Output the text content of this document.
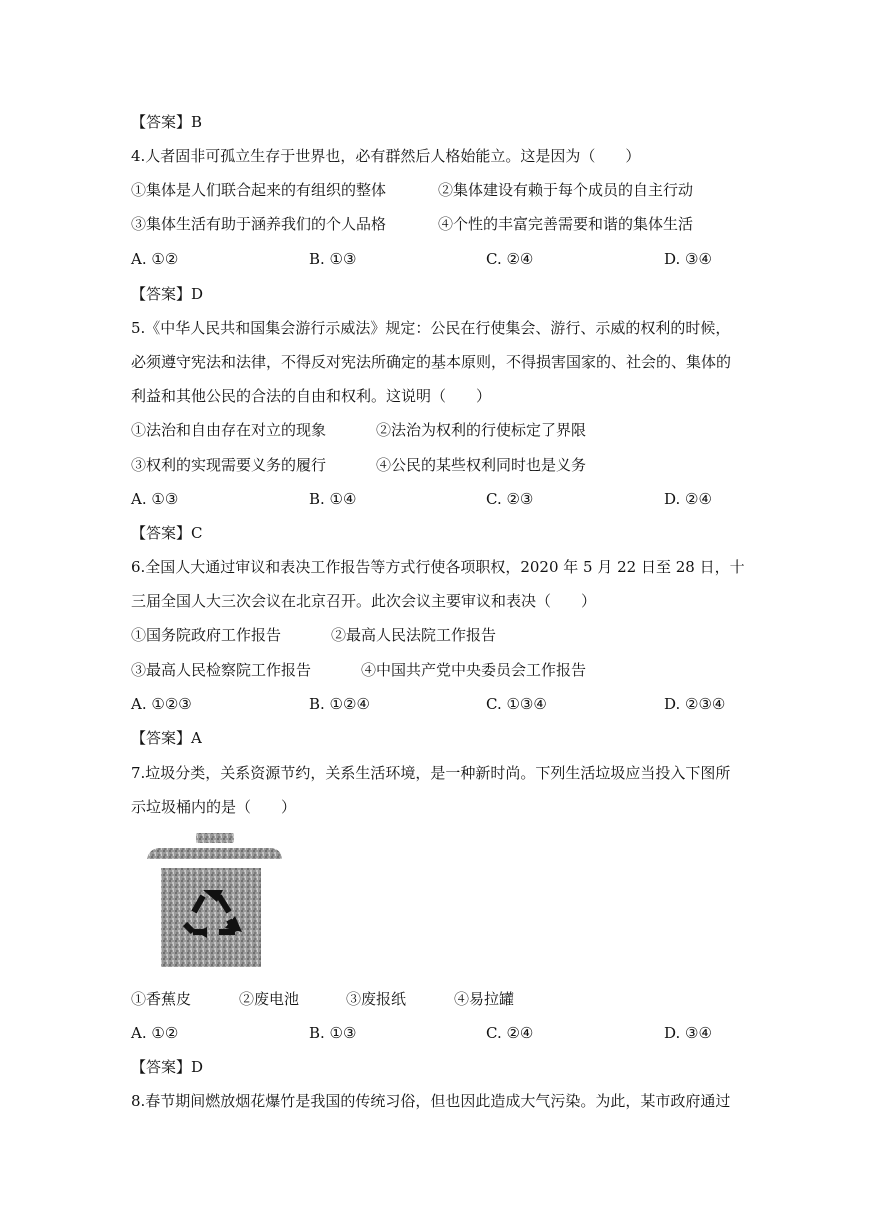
【答案】B
4.人者固非可孤立生存于世界也，必有群然后人格始能立。这是因为（　　）
①集体是人们联合起来的有组织的整体	②集体建设有赖于每个成员的自主行动
③集体生活有助于涵养我们的个人品格	④个性的丰富完善需要和谐的集体生活
A. ①②	B. ①③	C. ②④	D. ③④
【答案】D
5.《中华人民共和国集会游行示威法》规定：公民在行使集会、游行、示威的权利的时候，
必须遵守宪法和法律，不得反对宪法所确定的基本原则，不得损害国家的、社会的、集体的
利益和其他公民的合法的自由和权利。这说明（　　）
①法治和自由存在对立的现象	②法治为权利的行使标定了界限
③权利的实现需要义务的履行	④公民的某些权利同时也是义务
A. ①③	B. ①④	C. ②③	D. ②④
【答案】C
6.全国人大通过审议和表决工作报告等方式行使各项职权，2020 年 5 月 22 日至 28 日，十
三届全国人大三次会议在北京召开。此次会议主要审议和表决（　　）
①国务院政府工作报告	②最高人民法院工作报告
③最高人民检察院工作报告	④中国共产党中央委员会工作报告
A. ①②③	B. ①②④	C. ①③④	D. ②③④
【答案】A
7.垃圾分类，关系资源节约，关系生活环境，是一种新时尚。下列生活垃圾应当投入下图所
示垃圾桶内的是（　　）
①香蕉皮	②废电池	③废报纸	④易拉罐
A. ①②	B. ①③	C. ②④	D. ③④
【答案】D
8.春节期间燃放烟花爆竹是我国的传统习俗，但也因此造成大气污染。为此，某市政府通过
